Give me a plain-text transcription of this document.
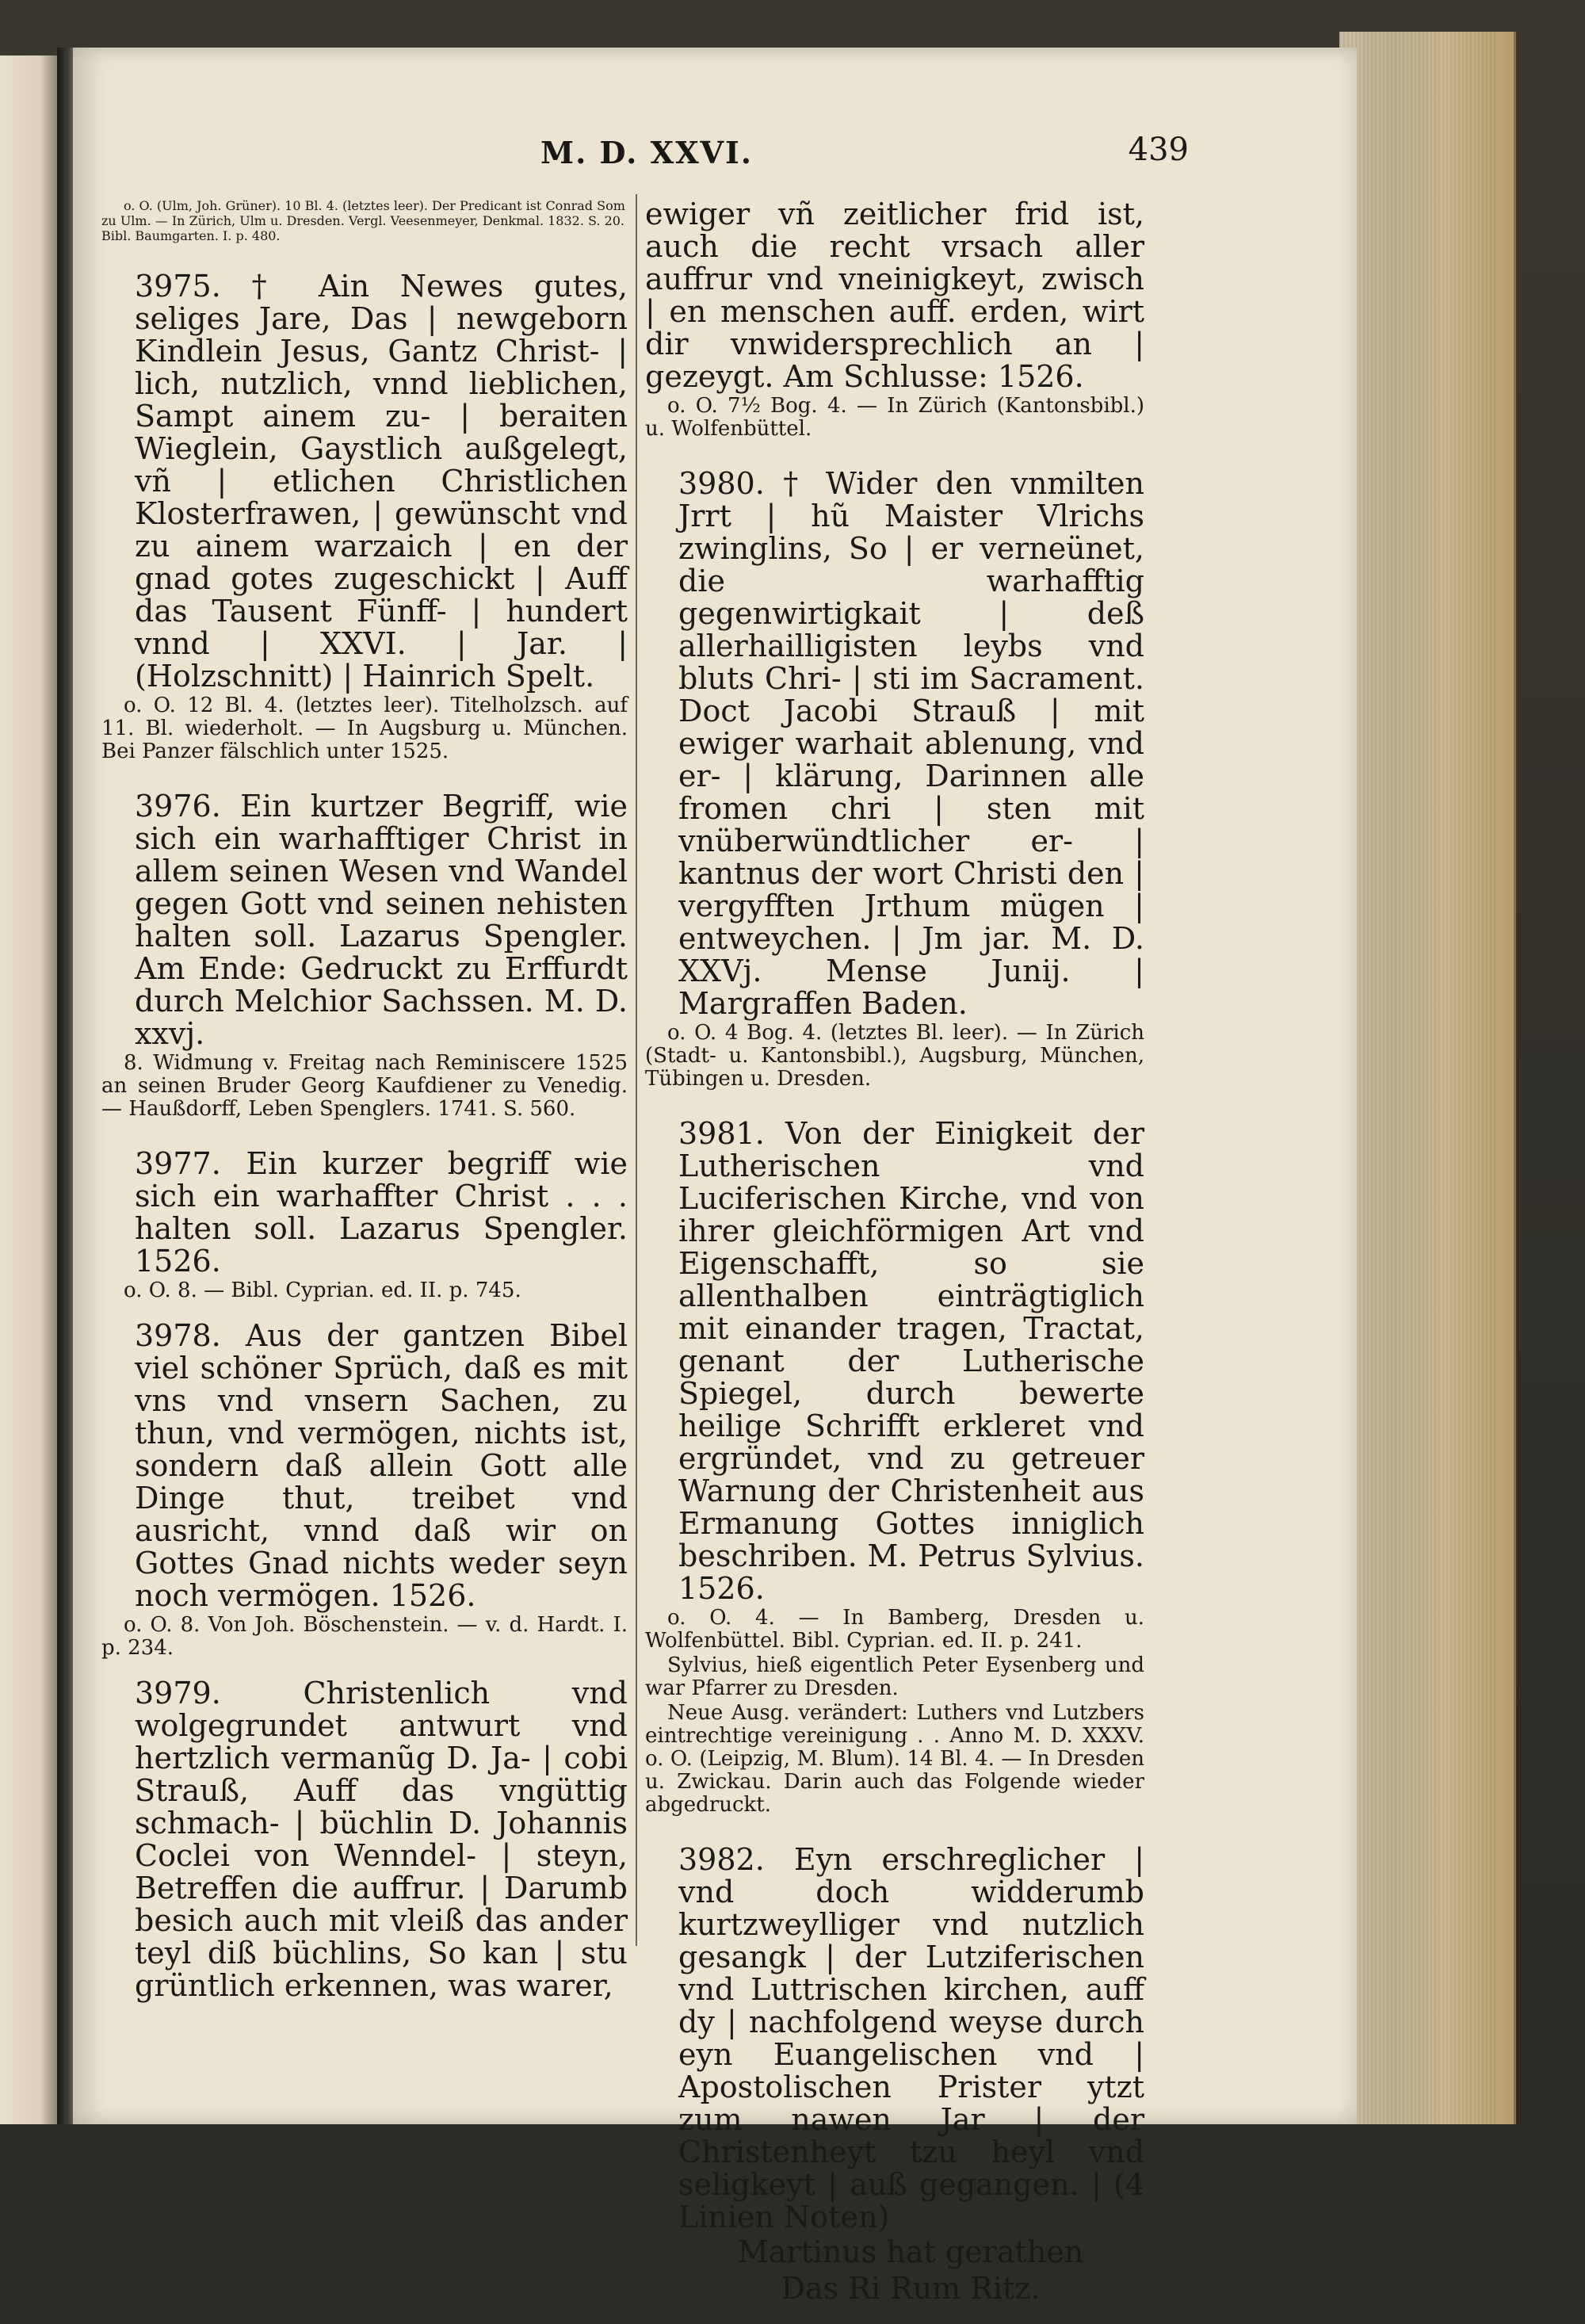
M. D. XXVI.	439

o. O. (Ulm, Joh. Grüner). 10 Bl. 4. (letztes leer). Der Predicant ist Conrad Som zu Ulm. — In Zürich, Ulm u. Dresden. Vergl. Veesenmeyer, Denkmal. 1832. S. 20. Bibl. Baumgarten. I. p. 480.

3975. † Ain Newes gutes, seliges Jare, Das | newgeborn Kindlein Jesus, Gantz Christ- | lich, nutzlich, vnnd lieblichen, Sampt ainem zu- | beraiten Wieglein, Gaystlich außgelegt, vñ | etlichen Christlichen Klosterfrawen, | gewünscht vnd zu ainem warzaich | en der gnad gotes zugeschickt | Auff das Tausent Fünff- | hundert vnnd | XXVI. | Jar. | (Holzschnitt) | Hainrich Spelt.

o. O. 12 Bl. 4. (letztes leer). Titelholzsch. auf 11. Bl. wiederholt. — In Augsburg u. München. Bei Panzer fälschlich unter 1525.

3976. Ein kurtzer Begriff, wie sich ein warhafftiger Christ in allem seinen Wesen vnd Wandel gegen Gott vnd seinen nehisten halten soll. Lazarus Spengler. Am Ende: Gedruckt zu Erffurdt durch Melchior Sachssen. M. D. xxvj.

8. Widmung v. Freitag nach Reminiscere 1525 an seinen Bruder Georg Kaufdiener zu Venedig. — Haußdorff, Leben Spenglers. 1741. S. 560.

3977. Ein kurzer begriff wie sich ein warhaffter Christ . . . halten soll. Lazarus Spengler. 1526.

o. O. 8. — Bibl. Cyprian. ed. II. p. 745.

3978. Aus der gantzen Bibel viel schöner Sprüch, daß es mit vns vnd vnsern Sachen, zu thun, vnd vermögen, nichts ist, sondern daß allein Gott alle Dinge thut, treibet vnd ausricht, vnnd daß wir on Gottes Gnad nichts weder seyn noch vermögen. 1526.

o. O. 8. Von Joh. Böschenstein. — v. d. Hardt. I. p. 234.

3979.	Christenlich vnd wolgegrundet antwurt vnd hertzlich vermanũg D. Ja- | cobi Strauß, Auff das vngüttig schmach- | büchlin D. Johannis Coclei von Wenndel- | steyn, Betreffen die auffrur. | Darumb besich auch mit vleiß das ander teyl diß büchlins, So kan | stu grüntlich erkennen, was warer,

ewiger vñ zeitlicher frid ist, auch die recht vrsach aller auffrur vnd vneinigkeyt, zwisch | en menschen auff. erden, wirt dir vnwidersprechlich an | gezeygt. Am Schlusse: 1526.

o. O. 7½ Bog. 4. — In Zürich (Kantonsbibl.) u. Wolfenbüttel.

3980. † Wider den vnmilten Jrrt | hũ Maister Vlrichs zwinglins, So | er verneünet, die warhafftig gegenwirtigkait | deß allerhailligisten leybs vnd bluts Chri- | sti im Sacrament. Doct Jacobi Strauß | mit ewiger warhait ablenung, vnd er- | klärung, Darinnen alle fromen chri | sten mit vnüberwündtlicher er- | kantnus der wort Christi den | vergyfften Jrthum mügen | entweychen. | Jm jar. M. D. XXVj. Mense Junij. | Margraffen Baden.

o. O. 4 Bog. 4. (letztes Bl. leer). — In Zürich (Stadt- u. Kantonsbibl.), Augsburg, München, Tübingen u. Dresden.

3981. Von der Einigkeit der Lutherischen vnd Luciferischen Kirche, vnd von ihrer gleichförmigen Art vnd Eigenschafft, so sie allenthalben einträgtiglich mit einander tragen, Tractat, genant der Lutherische Spiegel, durch bewerte heilige Schrifft erkleret vnd ergründet, vnd zu getreuer Warnung der Christenheit aus Ermanung Gottes inniglich beschriben. M. Petrus Sylvius. 1526.

o. O. 4. — In Bamberg, Dresden u. Wolfenbüttel. Bibl. Cyprian. ed. II. p. 241.

Sylvius, hieß eigentlich Peter Eysenberg und war Pfarrer zu Dresden.

Neue Ausg. verändert: Luthers vnd Lutzbers eintrechtige vereinigung . . Anno M. D. XXXV. o. O. (Leipzig, M. Blum). 14 Bl. 4. — In Dresden u. Zwickau. Darin auch das Folgende wieder abgedruckt.

3982. Eyn erschreglicher | vnd doch widderumb kurtzweylliger vnd nutzlich gesangk | der Lutziferischen vnd Luttrischen kirchen, auff dy | nachfolgend weyse durch eyn Euangelischen vnd | Apostolischen Prister ytzt zum nawen Jar | der Christenheyt tzu heyl vnd seligkeyt | auß gegangen. | (4 Linien Noten)

Martinus hat gerathen

Das Ri Rum Ritz.
